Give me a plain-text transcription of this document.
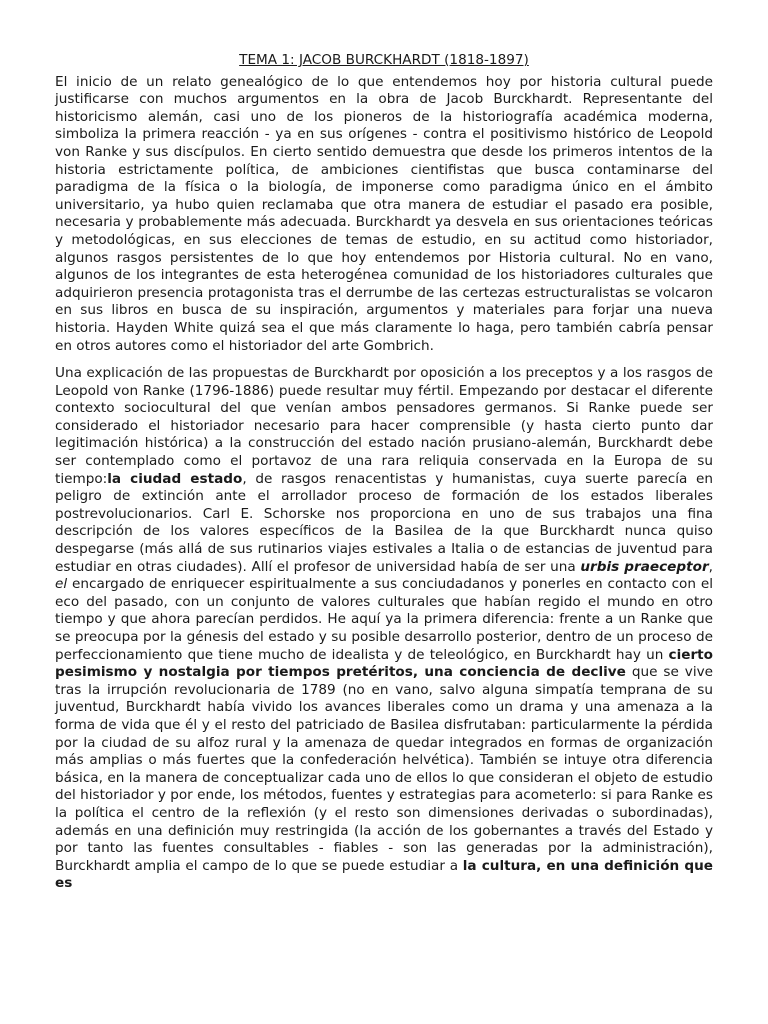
TEMA 1: JACOB BURCKHARDT (1818-1897)

El inicio de un relato genealógico de lo que entendemos hoy por historia cultural puede justificarse con muchos argumentos en la obra de Jacob Burckhardt. Representante del historicismo alemán, casi uno de los pioneros de la historiografía académica moderna, simboliza la primera reacción - ya en sus orígenes - contra el positivismo histórico de Leopold von Ranke y sus discípulos. En cierto sentido demuestra que desde los primeros intentos de la historia estrictamente política, de ambiciones cientifistas que busca contaminarse del paradigma de la física o la biología, de imponerse como paradigma único en el ámbito universitario, ya hubo quien reclamaba que otra manera de estudiar el pasado era posible, necesaria y probablemente más adecuada. Burckhardt ya desvela en sus orientaciones teóricas y metodológicas, en sus elecciones de temas de estudio, en su actitud como historiador, algunos rasgos persistentes de lo que hoy entendemos por Historia cultural. No en vano, algunos de los integrantes de esta heterogénea comunidad de los historiadores culturales que adquirieron presencia protagonista tras el derrumbe de las certezas estructuralistas se volcaron en sus libros en busca de su inspiración, argumentos y materiales para forjar una nueva historia. Hayden White quizá sea el que más claramente lo haga, pero también cabría pensar en otros autores como el historiador del arte Gombrich.

Una explicación de las propuestas de Burckhardt por oposición a los preceptos y a los rasgos de Leopold von Ranke (1796-1886) puede resultar muy fértil. Empezando por destacar el diferente contexto sociocultural del que venían ambos pensadores germanos. Si Ranke puede ser considerado el historiador necesario para hacer comprensible (y hasta cierto punto dar legitimación histórica) a la construcción del estado nación prusiano-alemán, Burckhardt debe ser contemplado como el portavoz de una rara reliquia conservada en la Europa de su tiempo:la ciudad estado, de rasgos renacentistas y humanistas, cuya suerte parecía en peligro de extinción ante el arrollador proceso de formación de los estados liberales postrevolucionarios. Carl E. Schorske nos proporciona en uno de sus trabajos una fina descripción de los valores específicos de la Basilea de la que Burckhardt nunca quiso despegarse (más allá de sus rutinarios viajes estivales a Italia o de estancias de juventud para estudiar en otras ciudades). Allí el profesor de universidad había de ser una urbis praeceptor, el encargado de enriquecer espiritualmente a sus conciudadanos y ponerles en contacto con el eco del pasado, con un conjunto de valores culturales que habían regido el mundo en otro tiempo y que ahora parecían perdidos. He aquí ya la primera diferencia: frente a un Ranke que se preocupa por la génesis del estado y su posible desarrollo posterior, dentro de un proceso de perfeccionamiento que tiene mucho de idealista y de teleológico, en Burckhardt hay un cierto pesimismo y nostalgia por tiempos pretéritos, una conciencia de declive que se vive tras la irrupción revolucionaria de 1789 (no en vano, salvo alguna simpatía temprana de su juventud, Burckhardt había vivido los avances liberales como un drama y una amenaza a la forma de vida que él y el resto del patriciado de Basilea disfrutaban: particularmente la pérdida por la ciudad de su alfoz rural y la amenaza de quedar integrados en formas de organización más amplias o más fuertes que la confederación helvética). También se intuye otra diferencia básica, en la manera de conceptualizar cada uno de ellos lo que consideran el objeto de estudio del historiador y por ende, los métodos, fuentes y estrategias para acometerlo: si para Ranke es la política el centro de la reflexión (y el resto son dimensiones derivadas o subordinadas), además en una definición muy restringida (la acción de los gobernantes a través del Estado y por tanto las fuentes consultables - fiables - son las generadas por la administración), Burckhardt amplia el campo de lo que se puede estudiar a la cultura, en una definición que es
